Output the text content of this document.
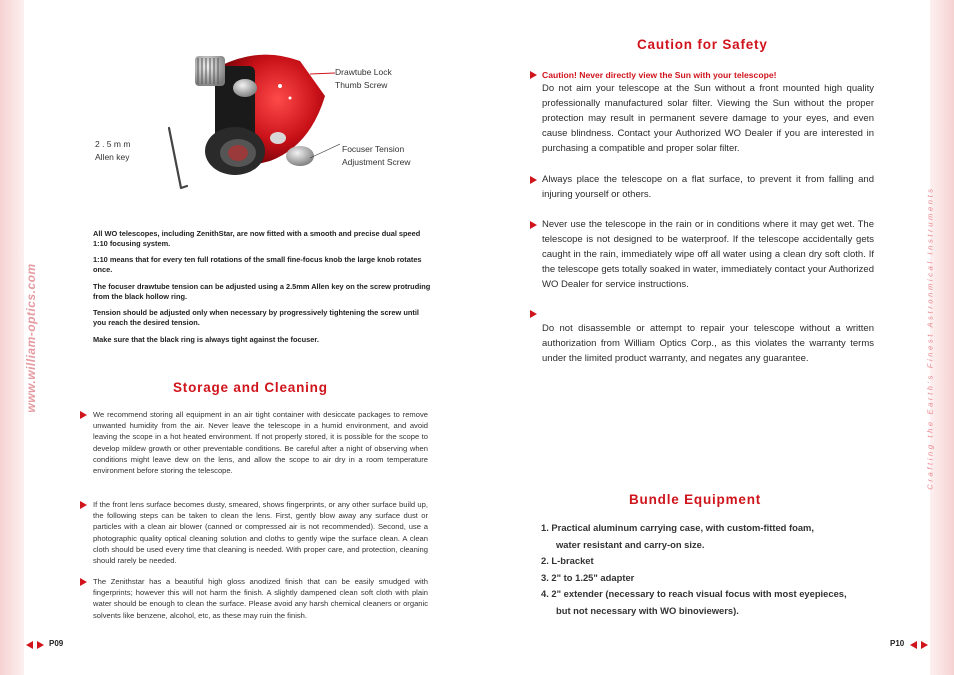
www.william-optics.com	Crafting the Earth's Finest Astronmical Instruments
Drawtube Lock
Thumb Screw
2 . 5 m m
Allen key
Focuser Tension
Adjustment Screw

All WO telescopes, including ZenithStar, are now fitted with a smooth and precise dual speed 1:10 focusing system.

1:10 means that for every ten full rotations of the small fine-focus knob the large knob rotates once.

The focuser drawtube tension can be adjusted using a 2.5mm Allen key on the screw protruding from the black hollow ring.

Tension should be adjusted only when necessary by progressively tightening the screw until you reach the desired tension.

Make sure that the black ring is always tight against the focuser.

Storage and Cleaning

We recommend storing all equipment in an air tight container with desiccate packages to remove unwanted humidity from the air. Never leave the telescope in a humid environment, and avoid leaving the scope in a hot heated environment. If not properly stored, it is possible for the scope to develop mildew growth or other preventable conditions. Be careful after a night of observing when conditions might leave dew on the lens, and allow the scope to air dry in a room temperature environment before storing the telescope.

If the front lens surface becomes dusty, smeared, shows fingerprints, or any other surface build up, the following steps can be taken to clean the lens. First, gently blow away any surface dust or particles with a clean air blower (canned or compressed air is not recommended). Second, use a photographic quality optical cleaning solution and cloths to gently wipe the surface clean. A clean cloth should be used every time that cleaning is needed. With proper care, and protection, cleaning should rarely be needed.

The Zenithstar has a beautiful high gloss anodized finish that can be easily smudged with fingerprints; however this will not harm the finish. A slightly dampened clean soft cloth with plain water should be enough to clean the surface. Please avoid any harsh chemical cleaners or organic solvents like benzene, alcohol, etc, as these may ruin the finish.

Caution for Safety

Caution! Never directly view the Sun with your telescope!

Do not aim your telescope at the Sun without a front mounted high quality professionally manufactured solar filter. Viewing the Sun without the proper protection may result in permanent severe damage to your eyes, and even cause blindness. Contact your Authorized WO Dealer if you are interested in purchasing a compatible and proper solar filter.

Always place the telescope on a flat surface, to prevent it from falling and injuring yourself or others.

Never use the telescope in the rain or in conditions where it may get wet. The telescope is not designed to be waterproof. If the telescope accidentally gets caught in the rain, immediately wipe off all water using a clean dry soft cloth. If the telescope gets totally soaked in water, immediately contact your Authorized WO Dealer for service instructions.

Do not disassemble or attempt to repair your telescope without a written authorization from William Optics Corp., as this violates the warranty terms under the limited product warranty, and negates any guarantee.

Bundle Equipment
1. Practical aluminum carrying case, with custom-fitted foam,
water resistant and carry-on size.
2. L-bracket
3. 2" to 1.25" adapter
4. 2" extender (necessary to reach visual focus with most eyepieces,
but not necessary with WO binoviewers).
P09	P10
